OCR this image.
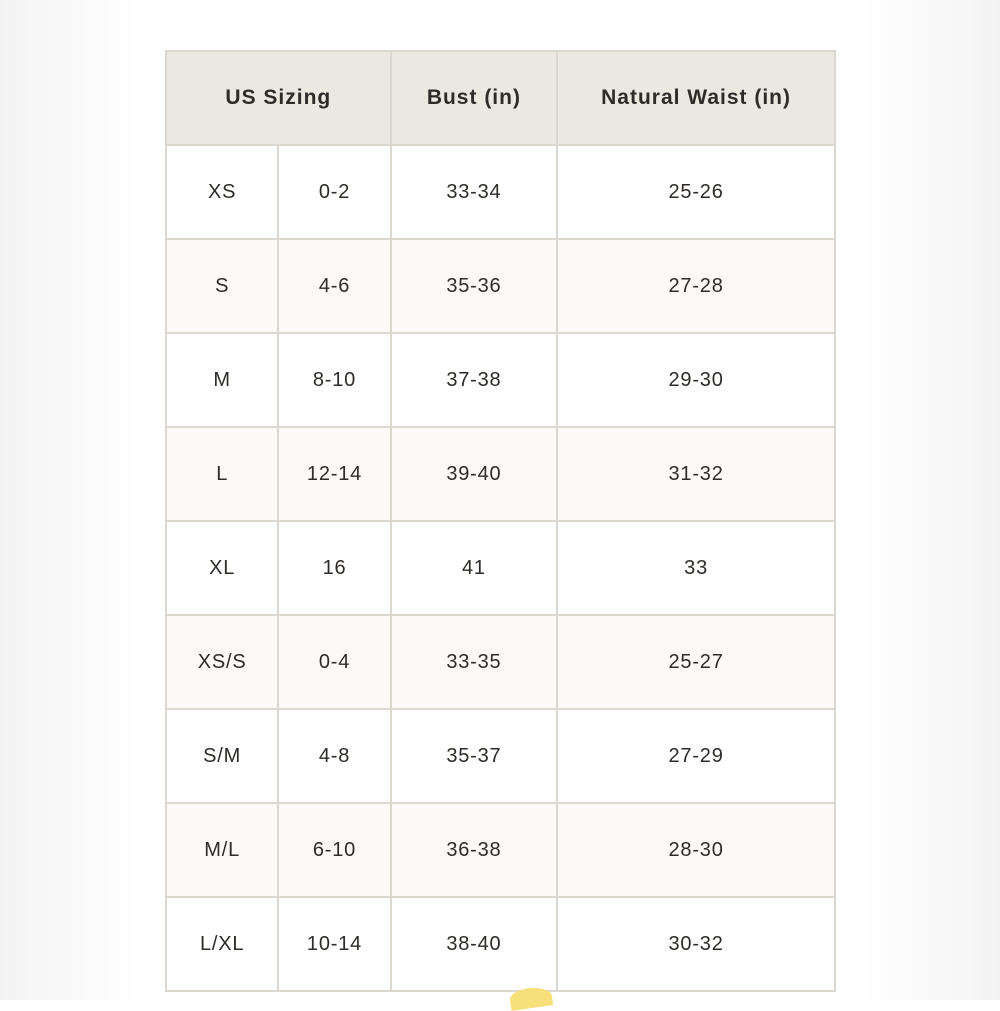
US Sizing		Bust (in)	Natural Waist (in)
XS	0-2	33-34	25-26
S	4-6	35-36	27-28
M	8-10	37-38	29-30
L	12-14	39-40	31-32
XL	16	41	33
XS/S	0-4	33-35	25-27
S/M	4-8	35-37	27-29
M/L	6-10	36-38	28-30
L/XL	10-14	38-40	30-32
